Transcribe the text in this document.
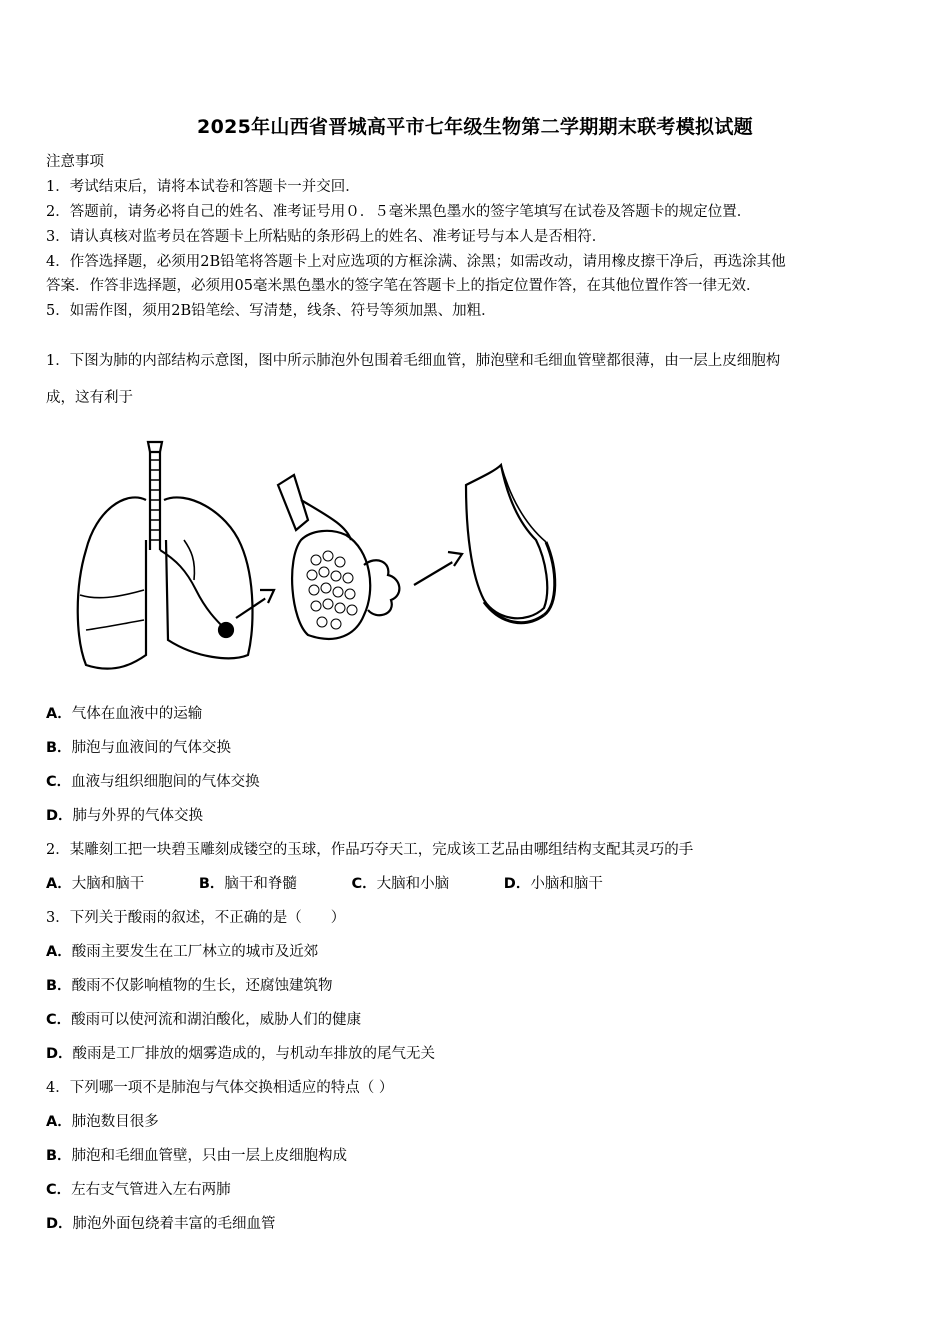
2025年山西省晋城高平市七年级生物第二学期期末联考模拟试题
注意事项
1．考试结束后，请将本试卷和答题卡一并交回．
2．答题前，请务必将自己的姓名、准考证号用０．５毫米黑色墨水的签字笔填写在试卷及答题卡的规定位置．
3．请认真核对监考员在答题卡上所粘贴的条形码上的姓名、准考证号与本人是否相符．
4．作答选择题，必须用2B铅笔将答题卡上对应选项的方框涂满、涂黑；如需改动，请用橡皮擦干净后，再选涂其他
答案．作答非选择题，必须用05毫米黑色墨水的签字笔在答题卡上的指定位置作答，在其他位置作答一律无效．
5．如需作图，须用2B铅笔绘、写清楚，线条、符号等须加黑、加粗．
1．下图为肺的内部结构示意图，图中所示肺泡外包围着毛细血管，肺泡壁和毛细血管壁都很薄，由一层上皮细胞构
成，这有利于
A．气体在血液中的运输
B．肺泡与血液间的气体交换
C．血液与组织细胞间的气体交换
D．肺与外界的气体交换
2．某雕刻工把一块碧玉雕刻成镂空的玉球，作品巧夺天工，完成该工艺品由哪组结构支配其灵巧的手
A．大脑和脑干	B．脑干和脊髓	C．大脑和小脑	D．小脑和脑干
3．下列关于酸雨的叙述，不正确的是（　　）
A．酸雨主要发生在工厂林立的城市及近郊
B．酸雨不仅影响植物的生长，还腐蚀建筑物
C．酸雨可以使河流和湖泊酸化，威胁人们的健康
D．酸雨是工厂排放的烟雾造成的，与机动车排放的尾气无关
4．下列哪一项不是肺泡与气体交换相适应的特点（ ）
A．肺泡数目很多
B．肺泡和毛细血管壁，只由一层上皮细胞构成
C．左右支气管进入左右两肺
D．肺泡外面包绕着丰富的毛细血管
